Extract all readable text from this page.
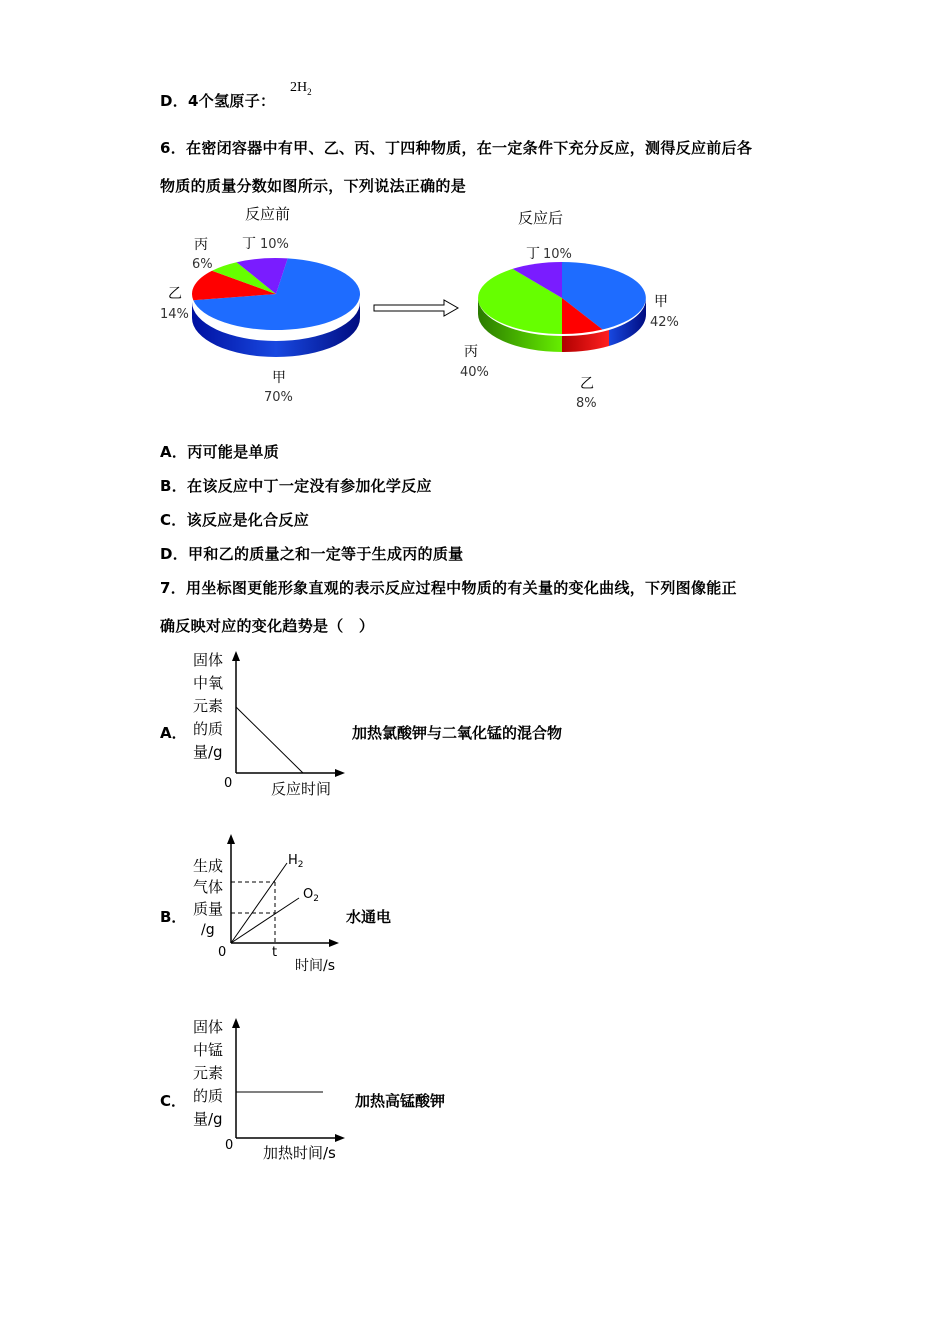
D．4个氢原子：
$2H_2$
6．在密闭容器中有甲、乙、丙、丁四种物质，在一定条件下充分反应，测得反应前后各
物质的质量分数如图所示，下列说法正确的是
反应前	反应后
丙
6%
丁 10%
乙
14%
甲
70%
丁 10%
甲
42%
丙
40%
乙
8%
A．丙可能是单质
B．在该反应中丁一定没有参加化学反应
C．该反应是化合反应
D．甲和乙的质量之和一定等于生成丙的质量
7．用坐标图更能形象直观的表示反应过程中物质的有关量的变化曲线，下列图像能正
确反映对应的变化趋势是（　）
A．
固体
中氧
元素
的质
量/g
0	反应时间
加热氯酸钾与二氧化锰的混合物
B．
生成
气体
质量
/g
$H_2$
$O_2$
0	t
时间/s
水通电
C．
固体
中锰
元素
的质
量/g
0 加热时间/s
加热高锰酸钾
